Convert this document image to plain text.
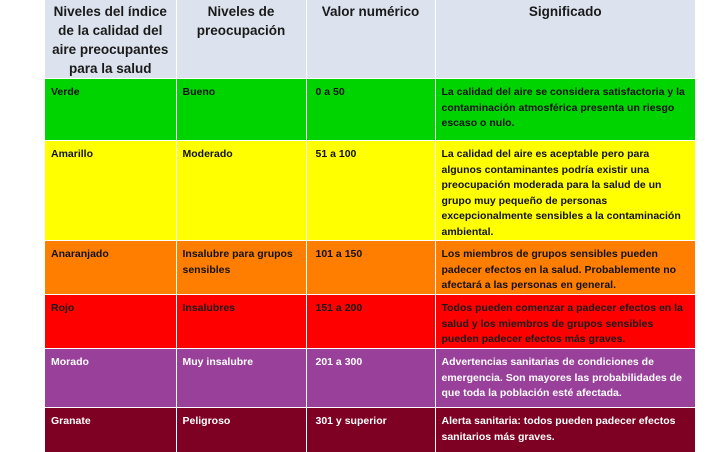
Niveles del índice de la calidad del aire preocupantes para la salud	Niveles de preocupación	Valor numérico	Significado
Verde	Bueno	0 a 50	La calidad del aire se considera satisfactoria y la contaminación atmosférica presenta un riesgo escaso o nulo.
Amarillo	Moderado	51 a 100	La calidad del aire es aceptable pero para algunos contaminantes podría existir una preocupación moderada para la salud de un grupo muy pequeño de personas excepcionalmente sensibles a la contaminación ambiental.
Anaranjado	Insalubre para grupos sensibles	101 a 150	Los miembros de grupos sensibles pueden padecer efectos en la salud. Probablemente no afectará a las personas en general.
Rojo	Insalubres	151 a 200	Todos pueden comenzar a padecer efectos en la salud y los miembros de grupos sensibles pueden padecer efectos más graves.
Morado	Muy insalubre	201 a 300	Advertencias sanitarias de condiciones de emergencia. Son mayores las probabilidades de que toda la población esté afectada.
Granate	Peligroso	301 y superior	Alerta sanitaria: todos pueden padecer efectos sanitarios más graves.
